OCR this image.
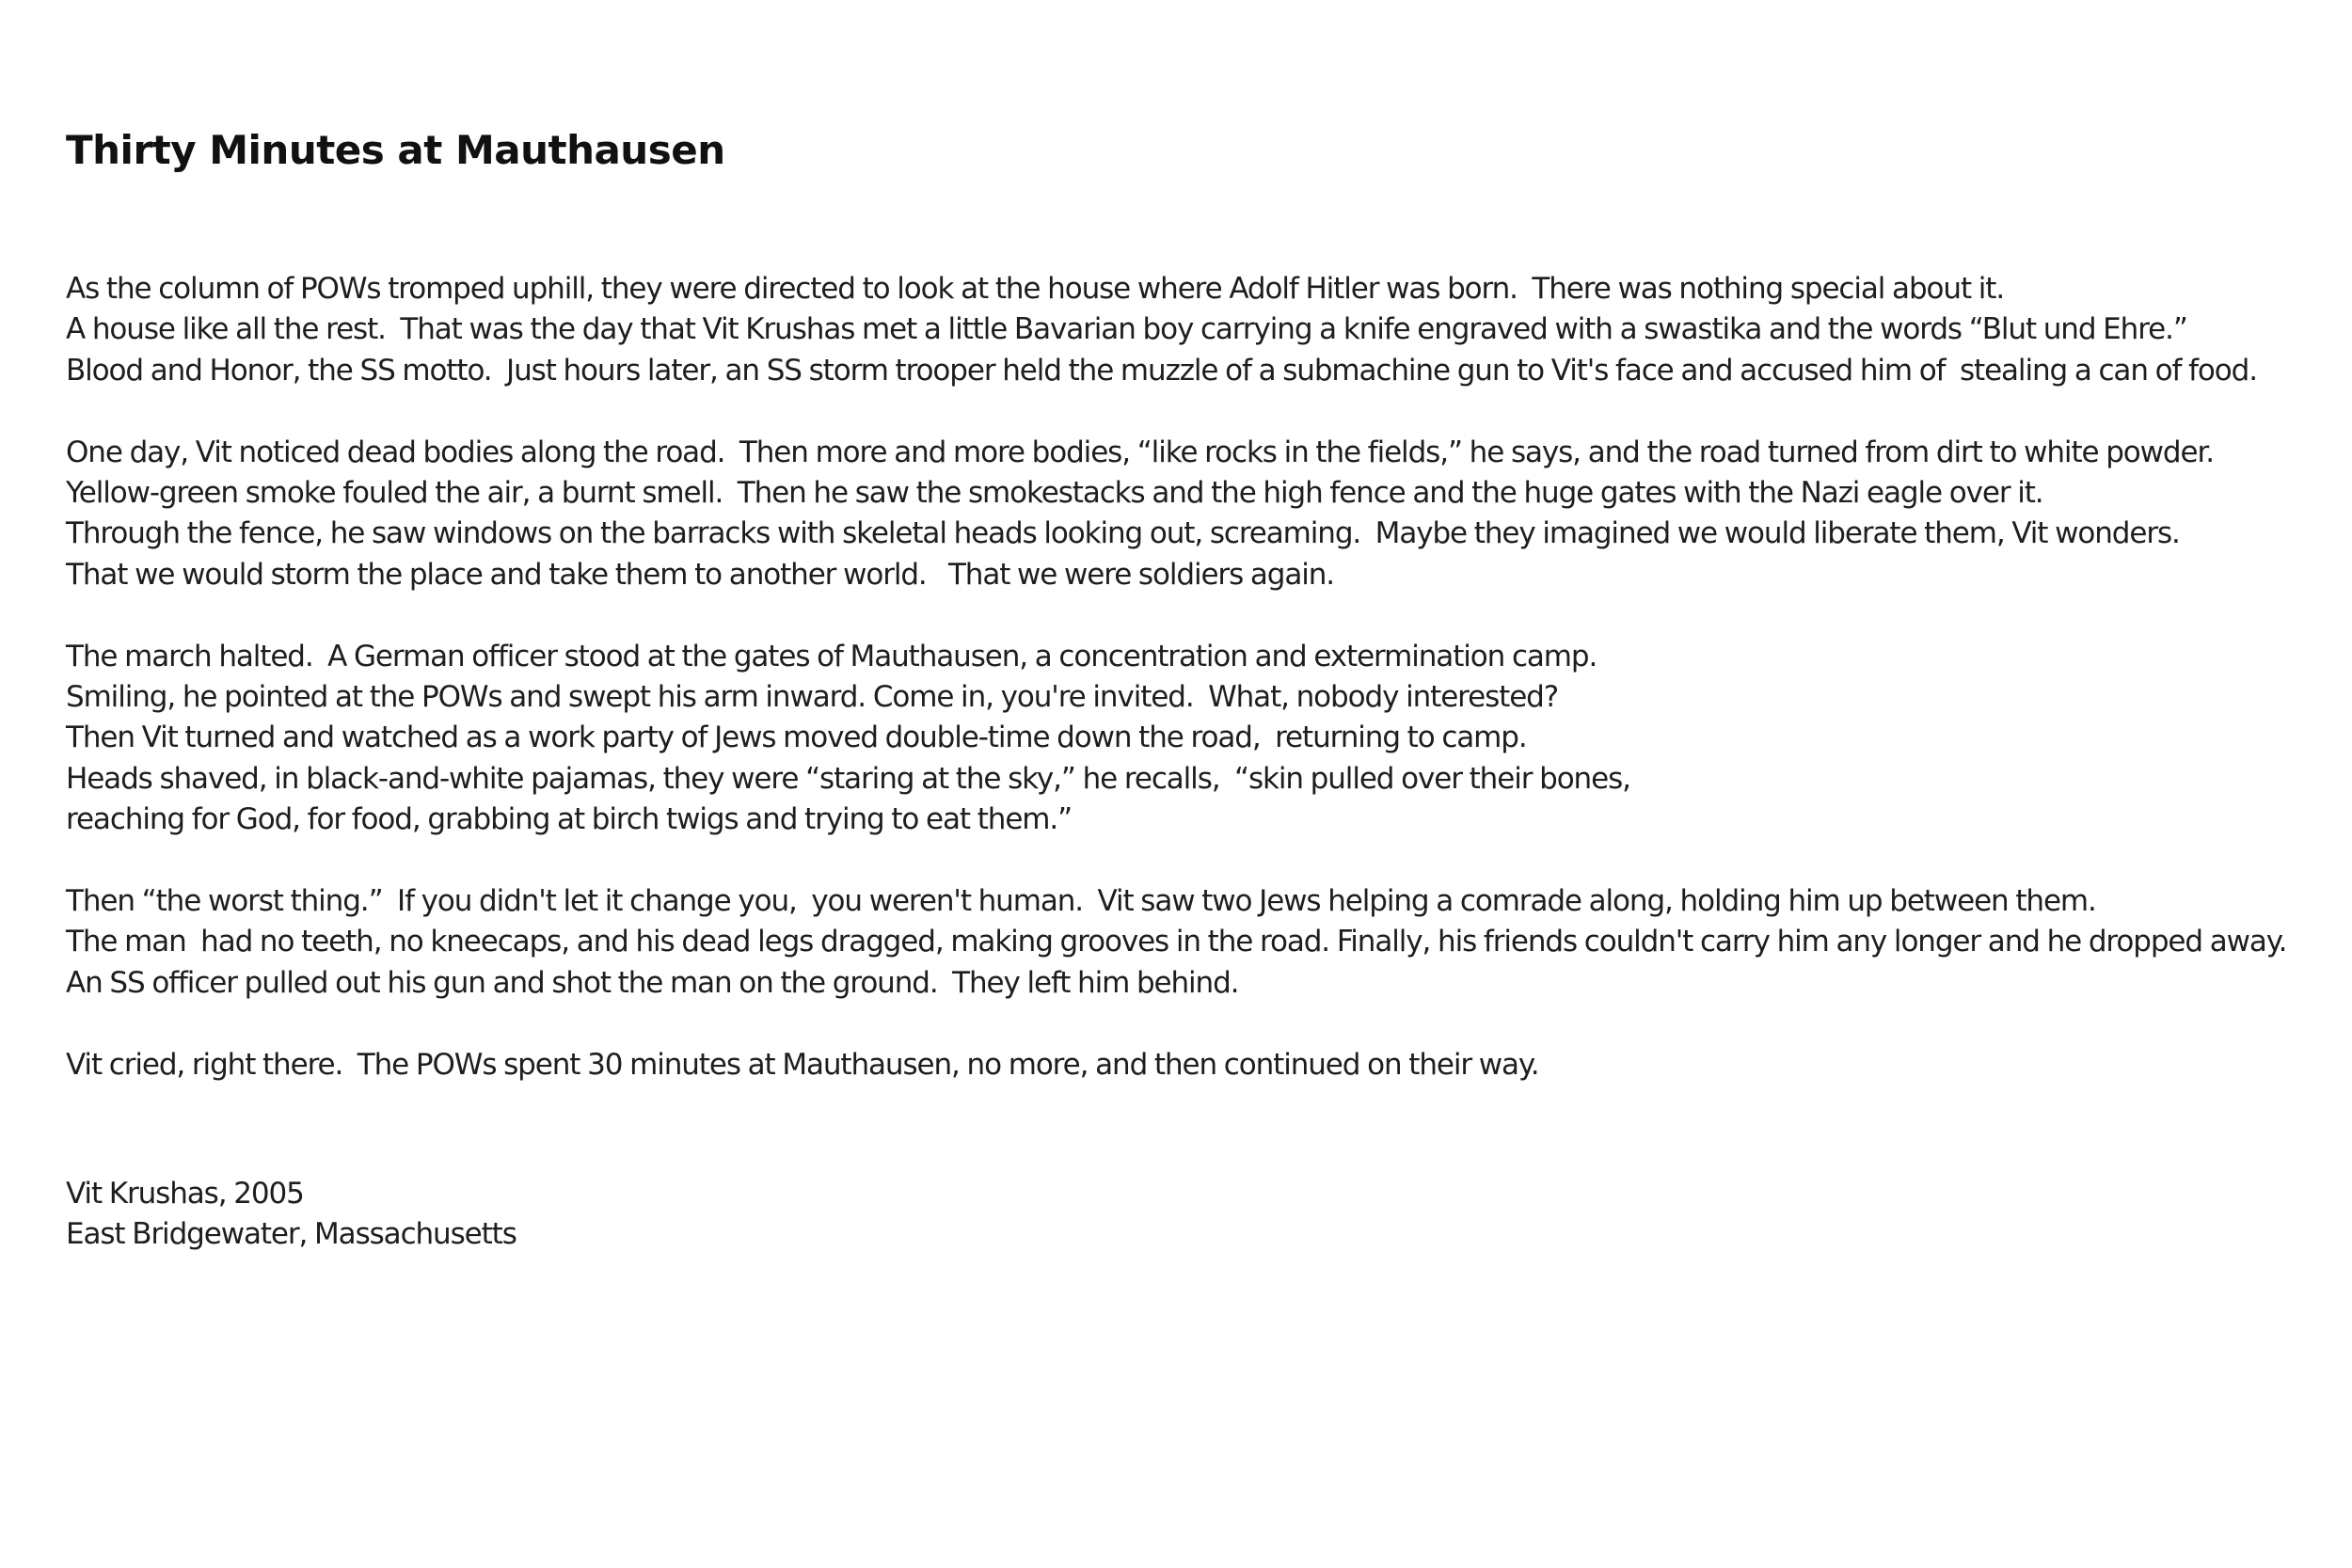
Thirty Minutes at Mauthausen
As the column of POWs tromped uphill, they were directed to look at the house where Adolf Hitler was born.  There was nothing special about it.
A house like all the rest.  That was the day that Vit Krushas met a little Bavarian boy carrying a knife engraved with a swastika and the words “Blut und Ehre.”
Blood and Honor, the SS motto.  Just hours later, an SS storm trooper held the muzzle of a submachine gun to Vit's face and accused him of  stealing a can of food.
One day, Vit noticed dead bodies along the road.  Then more and more bodies, “like rocks in the fields,” he says, and the road turned from dirt to white powder.
Yellow-green smoke fouled the air, a burnt smell.  Then he saw the smokestacks and the high fence and the huge gates with the Nazi eagle over it.
Through the fence, he saw windows on the barracks with skeletal heads looking out, screaming.  Maybe they imagined we would liberate them, Vit wonders.
That we would storm the place and take them to another world.   That we were soldiers again.
The march halted.  A German officer stood at the gates of Mauthausen, a concentration and extermination camp.
Smiling, he pointed at the POWs and swept his arm inward. Come in, you're invited.  What, nobody interested?
Then Vit turned and watched as a work party of Jews moved double-time down the road,  returning to camp.
Heads shaved, in black-and-white pajamas, they were “staring at the sky,” he recalls,  “skin pulled over their bones,
reaching for God, for food, grabbing at birch twigs and trying to eat them.”
Then “the worst thing.”  If you didn't let it change you,  you weren't human.  Vit saw two Jews helping a comrade along, holding him up between them.
The man  had no teeth, no kneecaps, and his dead legs dragged, making grooves in the road. Finally, his friends couldn't carry him any longer and he dropped away.
An SS officer pulled out his gun and shot the man on the ground.  They left him behind.
Vit cried, right there.  The POWs spent 30 minutes at Mauthausen, no more, and then continued on their way.
Vit Krushas, 2005
East Bridgewater, Massachusetts
